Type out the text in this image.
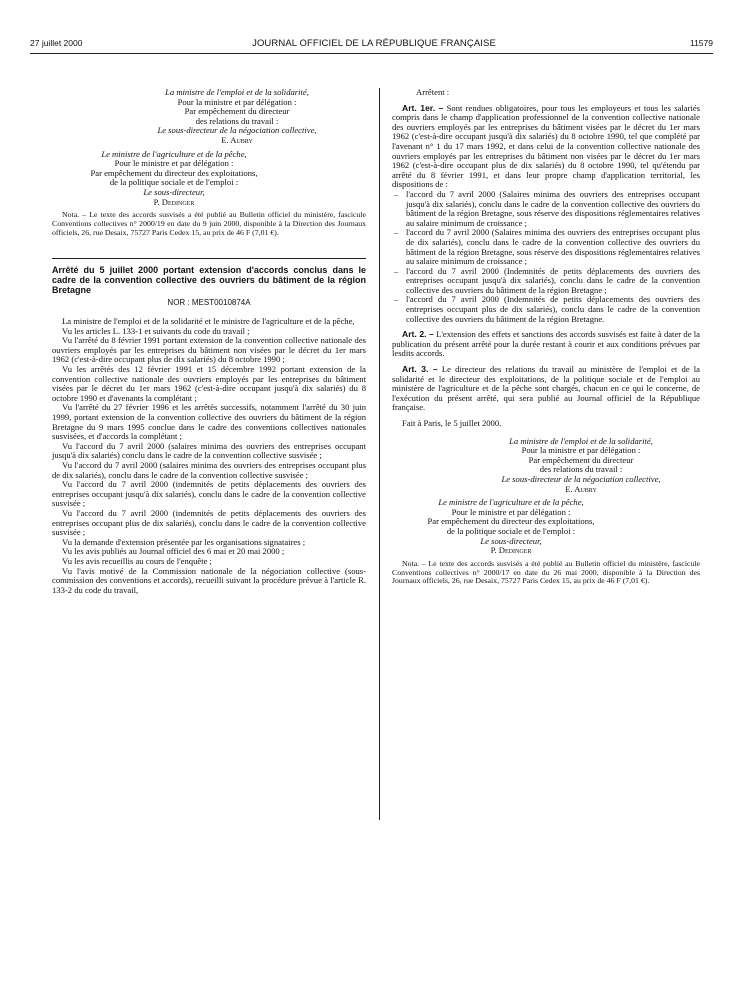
27 juillet 2000	JOURNAL OFFICIEL DE LA RÉPUBLIQUE FRANÇAISE	11579

La ministre de l'emploi et de la solidarité,

Pour la ministre et par délégation :

Par empêchement du directeur

des relations du travail :

Le sous-directeur de la négociation collective,

E. Aubry

Le ministre de l'agriculture et de la pêche,

Pour le ministre et par délégation :

Par empêchement du directeur des exploitations,

de la politique sociale et de l'emploi :

Le sous-directeur,

P. Dedinger

Nota. – Le texte des accords susvisés a été publié au Bulletin officiel du ministère, fascicule Conventions collectives n° 2000/19 en date du 9 juin 2000, disponible à la Direction des Journaux officiels, 26, rue Desaix, 75727 Paris Cedex 15, au prix de 46 F (7,01 €).

Arrêté du 5 juillet 2000 portant extension d'accords conclus dans le cadre de la convention collective des ouvriers du bâtiment de la région Bretagne

NOR : MEST0010874A

La ministre de l'emploi et de la solidarité et le ministre de l'agriculture et de la pêche,

Vu les articles L. 133-1 et suivants du code du travail ;

Vu l'arrêté du 8 février 1991 portant extension de la convention collective nationale des ouvriers employés par les entreprises du bâtiment non visées par le décret du 1er mars 1962 (c'est-à-dire occupant plus de dix salariés) du 8 octobre 1990 ;

Vu les arrêtés des 12 février 1991 et 15 décembre 1992 portant extension de la convention collective nationale des ouvriers employés par les entreprises du bâtiment visées par le décret du 1er mars 1962 (c'est-à-dire occupant jusqu'à dix salariés) du 8 octobre 1990 et d'avenants la complétant ;

Vu l'arrêté du 27 février 1996 et les arrêtés successifs, notamment l'arrêté du 30 juin 1999, portant extension de la convention collective des ouvriers du bâtiment de la région Bretagne du 9 mars 1995 conclue dans le cadre des conventions collectives nationales susvisées, et d'accords la complétant ;

Vu l'accord du 7 avril 2000 (salaires minima des ouvriers des entreprises occupant jusqu'à dix salariés) conclu dans le cadre de la convention collective susvisée ;

Vu l'accord du 7 avril 2000 (salaires minima des ouvriers des entreprises occupant plus de dix salariés), conclu dans le cadre de la convention collective susvisée ;

Vu l'accord du 7 avril 2000 (indemnités de petits déplacements des ouvriers des entreprises occupant jusqu'à dix salariés), conclu dans le cadre de la convention collective susvisée ;

Vu l'accord du 7 avril 2000 (indemnités de petits déplacements des ouvriers des entreprises occupant plus de dix salariés), conclu dans le cadre de la convention collective susvisée ;

Vu la demande d'extension présentée par les organisations signataires ;

Vu les avis publiés au Journal officiel des 6 mai et 20 mai 2000 ;

Vu les avis recueillis au cours de l'enquête ;

Vu l'avis motivé de la Commission nationale de la négociation collective (sous-commission des conventions et accords), recueilli suivant la procédure prévue à l'article R. 133-2 du code du travail,

Arrêtent :

Art. 1er. – Sont rendues obligatoires, pour tous les employeurs et tous les salariés compris dans le champ d'application professionnel de la convention collective nationale des ouvriers employés par les entreprises du bâtiment visées par le décret du 1er mars 1962 (c'est-à-dire occupant jusqu'à dix salariés) du 8 octobre 1990, tel que complété par l'avenant n° 1 du 17 mars 1992, et dans celui de la convention collective nationale des ouvriers employés par les entreprises du bâtiment non visées par le décret du 1er mars 1962 (c'est-à-dire occupant plus de dix salariés) du 8 octobre 1990, tel qu'étendu par arrêté du 8 février 1991, et dans leur propre champ d'application territorial, les dispositions de :

– l'accord du 7 avril 2000 (Salaires minima des ouvriers des entreprises occupant jusqu'à dix salariés), conclu dans le cadre de la convention collective des ouvriers du bâtiment de la région Bretagne, sous réserve des dispositions réglementaires relatives au salaire minimum de croissance ;
– l'accord du 7 avril 2000 (Salaires minima des ouvriers des entreprises occupant plus de dix salariés), conclu dans le cadre de la convention collective des ouvriers du bâtiment de la région Bretagne, sous réserve des dispositions réglementaires relatives au salaire minimum de croissance ;
– l'accord du 7 avril 2000 (Indemnités de petits déplacements des ouvriers des entreprises occupant jusqu'à dix salariés), conclu dans le cadre de la convention collective des ouvriers du bâtiment de la région Bretagne ;
– l'accord du 7 avril 2000 (Indemnités de petits déplacements des ouvriers des entreprises occupant plus de dix salariés), conclu dans le cadre de la convention collective des ouvriers du bâtiment de la région Bretagne.

Art. 2. – L'extension des effets et sanctions des accords susvisés est faite à dater de la publication du présent arrêté pour la durée restant à courir et aux conditions prévues par lesdits accords.

Art. 3. – Le directeur des relations du travail au ministère de l'emploi et de la solidarité et le directeur des exploitations, de la politique sociale et de l'emploi au ministère de l'agriculture et de la pêche sont chargés, chacun en ce qui le concerne, de l'exécution du présent arrêté, qui sera publié au Journal officiel de la République française.

Fait à Paris, le 5 juillet 2000.

La ministre de l'emploi et de la solidarité,

Pour la ministre et par délégation :

Par empêchement du directeur

des relations du travail :

Le sous-directeur de la négociation collective,

E. Aubry

Le ministre de l'agriculture et de la pêche,

Pour le ministre et par délégation :

Par empêchement du directeur des exploitations,

de la politique sociale et de l'emploi :

Le sous-directeur,

P. Dedinger

Nota. – Le texte des accords susvisés a été publié au Bulletin officiel du ministère, fascicule Conventions collectives n° 2000/17 en date du 26 mai 2000, disponible à la Direction des Journaux officiels, 26, rue Desaix, 75727 Paris Cedex 15, au prix de 46 F (7,01 €).
